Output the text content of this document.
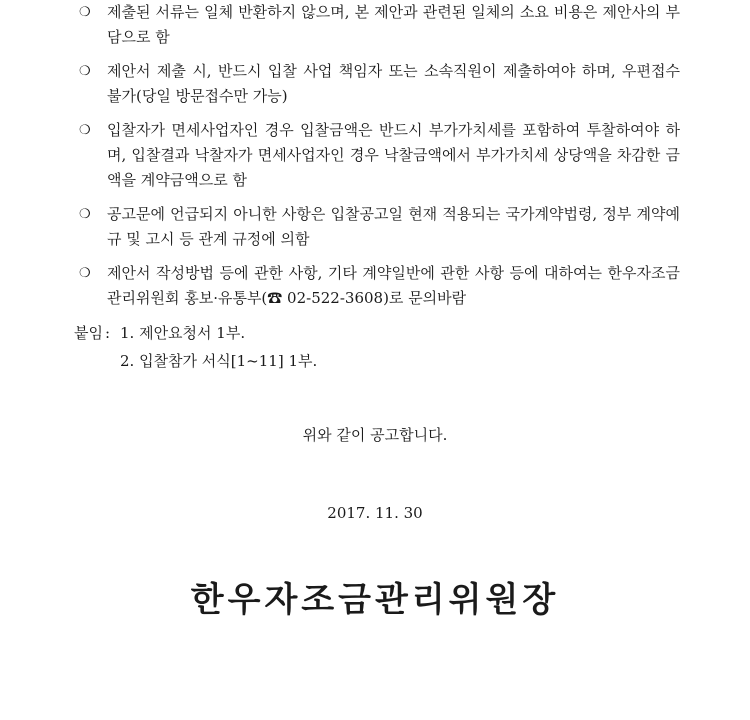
❍ 제출된 서류는 일체 반환하지 않으며, 본 제안과 관련된 일체의 소요 비용은 제안사의 부담으로 함
❍ 제안서 제출 시, 반드시 입찰 사업 책임자 또는 소속직원이 제출하여야 하며, 우편접수 불가(당일 방문접수만 가능)
❍ 입찰자가 면세사업자인 경우 입찰금액은 반드시 부가가치세를 포함하여 투찰하여야 하며, 입찰결과 낙찰자가 면세사업자인 경우 낙찰금액에서 부가가치세 상당액을 차감한 금액을 계약금액으로 함
❍ 공고문에 언급되지 아니한 사항은 입찰공고일 현재 적용되는 국가계약법령, 정부 계약예규 및 고시 등 관계 규정에 의함
❍ 제안서 작성방법 등에 관한 사항, 기타 계약일반에 관한 사항 등에 대하여는 한우자조금관리위원회 홍보·유통부(☎ 02-522-3608)로 문의바람
붙임 : 1. 제안요청서 1부.
2. 입찰참가 서식[1~11] 1부.
위와 같이 공고합니다.
2017. 11. 30
한우자조금관리위원장
